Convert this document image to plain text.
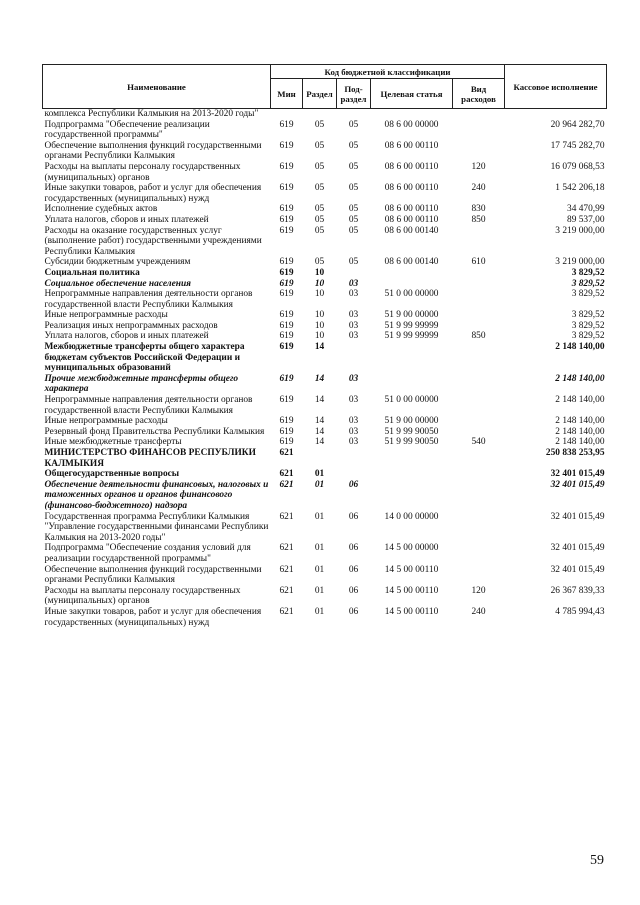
Наименование	Код бюджетной классификации					Кассовое исполнение
	Мин	Раздел	Под-раздел	Целевая статья	Вид расходов	
комплекса Республики Калмыкия на 2013-2020 годы"						
Подпрограмма "Обеспечение реализации государственной программы"	619	05	05	08 6 00 00000		20 964 282,70
Обеспечение выполнения функций государственными органами Республики Калмыкия	619	05	05	08 6 00 00110		17 745 282,70
Расходы на выплаты персоналу государственных (муниципальных) органов	619	05	05	08 6 00 00110	120	16 079 068,53
Иные закупки товаров, работ и услуг для обеспечения государственных (муниципальных) нужд	619	05	05	08 6 00 00110	240	1 542 206,18
Исполнение судебных актов	619	05	05	08 6 00 00110	830	34 470,99
Уплата налогов, сборов и иных платежей	619	05	05	08 6 00 00110	850	89 537,00
Расходы на оказание государственных услуг (выполнение работ) государственными учреждениями Республики Калмыкия	619	05	05	08 6 00 00140		3 219 000,00
Субсидии бюджетным учреждениям	619	05	05	08 6 00 00140	610	3 219 000,00
Социальная политика	619	10				3 829,52
Социальное обеспечение населения	619	10	03			3 829,52
Непрограммные направления деятельности органов государственной власти Республики Калмыкия	619	10	03	51 0 00 00000		3 829,52
Иные непрограммные расходы	619	10	03	51 9 00 00000		3 829,52
Реализация иных непрограммных расходов	619	10	03	51 9 99 99999		3 829,52
Уплата налогов, сборов и иных платежей	619	10	03	51 9 99 99999	850	3 829,52
Межбюджетные трансферты общего характера бюджетам субъектов Российской Федерации и муниципальных образований	619	14				2 148 140,00
Прочие межбюджетные трансферты общего характера	619	14	03			2 148 140,00
Непрограммные направления деятельности органов государственной власти Республики Калмыкия	619	14	03	51 0 00 00000		2 148 140,00
Иные непрограммные расходы	619	14	03	51 9 00 00000		2 148 140,00
Резервный фонд Правительства Республики Калмыкия	619	14	03	51 9 99 90050		2 148 140,00
Иные межбюджетные трансферты	619	14	03	51 9 99 90050	540	2 148 140,00
МИНИСТЕРСТВО ФИНАНСОВ РЕСПУБЛИКИ КАЛМЫКИЯ	621					250 838 253,95
Общегосударственные вопросы	621	01				32 401 015,49
Обеспечение деятельности финансовых, налоговых и таможенных органов и органов финансового (финансово-бюджетного) надзора	621	01	06			32 401 015,49
Государственная программа Республики Калмыкия "Управление государственными финансами Республики Калмыкия на 2013-2020 годы"	621	01	06	14 0 00 00000		32 401 015,49
Подпрограмма "Обеспечение создания условий для реализации государственной программы"	621	01	06	14 5 00 00000		32 401 015,49
Обеспечение выполнения функций государственными органами Республики Калмыкия	621	01	06	14 5 00 00110		32 401 015,49
Расходы на выплаты персоналу государственных (муниципальных) органов	621	01	06	14 5 00 00110	120	26 367 839,33
Иные закупки товаров, работ и услуг для обеспечения государственных (муниципальных) нужд	621	01	06	14 5 00 00110	240	4 785 994,43
59
